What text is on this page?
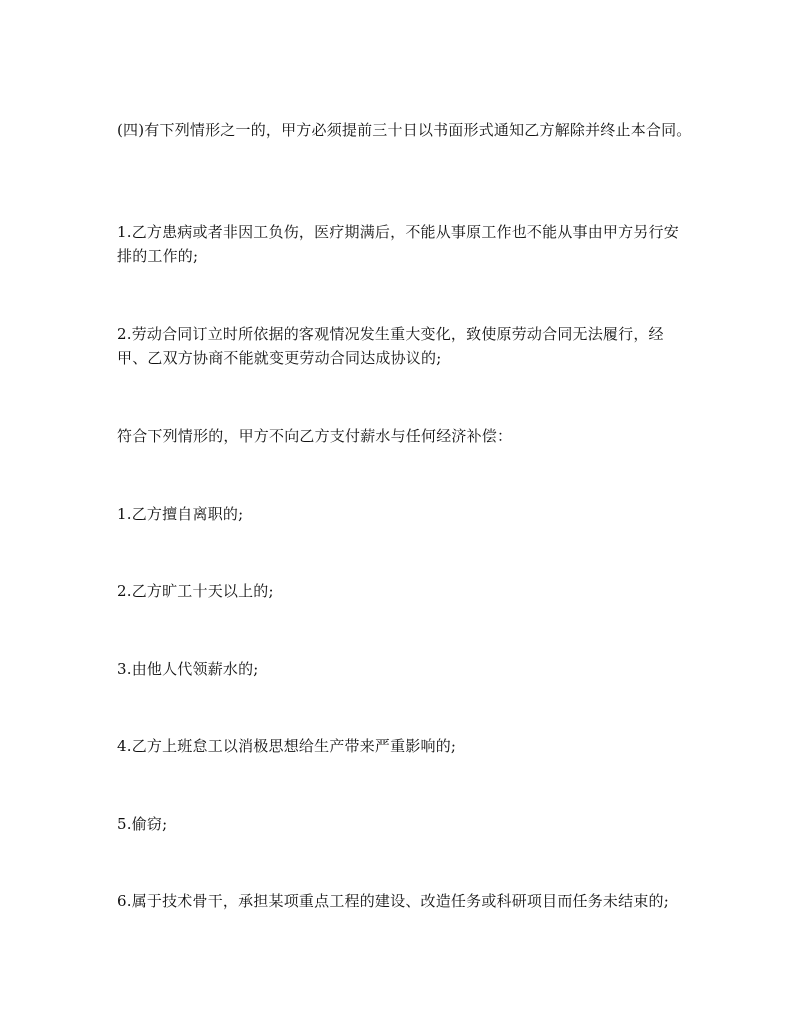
(四)有下列情形之一的，甲方必须提前三十日以书面形式通知乙方解除并终止本合同。

1.乙方患病或者非因工负伤，医疗期满后，不能从事原工作也不能从事由甲方另行安排的工作的;

2.劳动合同订立时所依据的客观情况发生重大变化，致使原劳动合同无法履行，经甲、乙双方协商不能就变更劳动合同达成协议的;

符合下列情形的，甲方不向乙方支付薪水与任何经济补偿：

1.乙方擅自离职的;

2.乙方旷工十天以上的;

3.由他人代领薪水的;

4.乙方上班怠工以消极思想给生产带来严重影响的;

5.偷窃;

6.属于技术骨干，承担某项重点工程的建设、改造任务或科研项目而任务未结束的;
